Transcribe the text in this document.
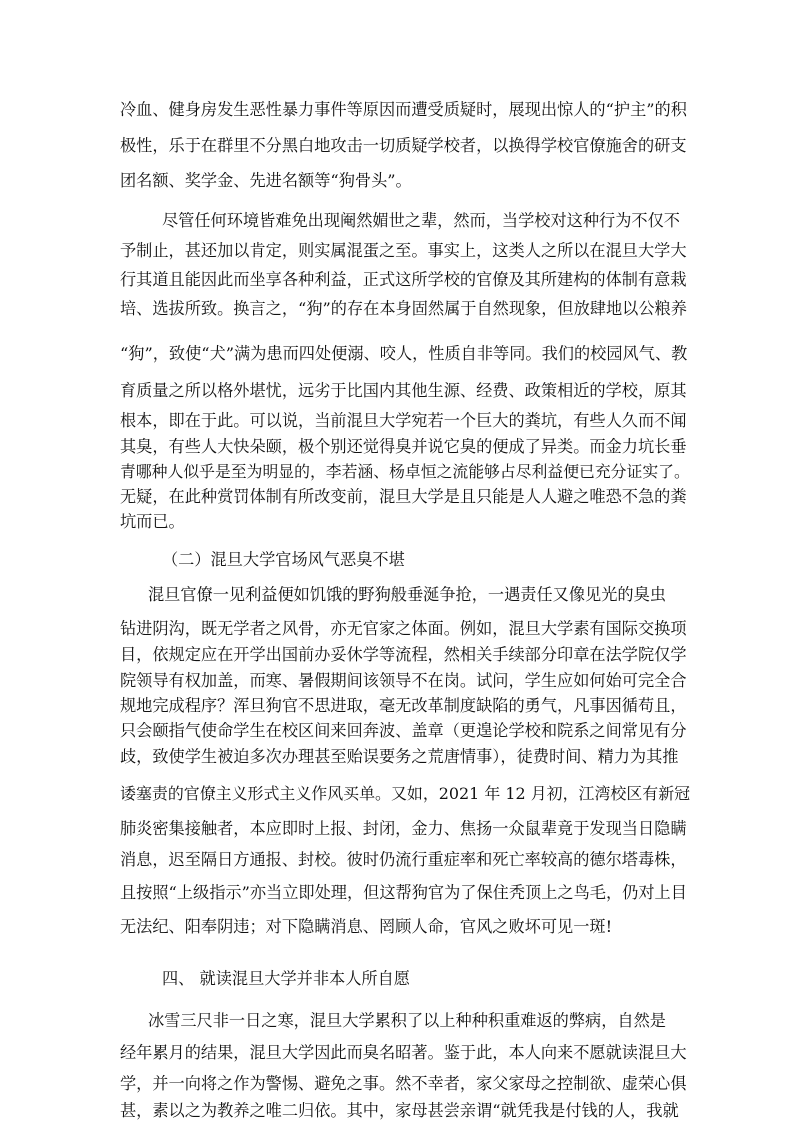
冷血、健身房发生恶性暴力事件等原因而遭受质疑时，展现出惊人的“护主”的积
极性，乐于在群里不分黑白地攻击一切质疑学校者，以换得学校官僚施舍的研支
团名额、奖学金、先进名额等“狗骨头”。
尽管任何环境皆难免出现阉然媚世之辈，然而，当学校对这种行为不仅不
予制止，甚还加以肯定，则实属混蛋之至。事实上，这类人之所以在混旦大学大
行其道且能因此而坐享各种利益，正式这所学校的官僚及其所建构的体制有意栽
培、选拔所致。换言之，“狗”的存在本身固然属于自然现象，但放肆地以公粮养
“狗”，致使“犬”满为患而四处便溺、咬人，性质自非等同。我们的校园风气、教
育质量之所以格外堪忧，远劣于比国内其他生源、经费、政策相近的学校，原其
根本，即在于此。可以说，当前混旦大学宛若一个巨大的粪坑，有些人久而不闻
其臭，有些人大快朵颐，极个别还觉得臭并说它臭的便成了异类。而金力坑长垂
青哪种人似乎是至为明显的，李若涵、杨卓恒之流能够占尽利益便已充分证实了。
无疑，在此种赏罚体制有所改变前，混旦大学是且只能是人人避之唯恐不急的粪
坑而已。
（二）混旦大学官场风气恶臭不堪
混旦官僚一见利益便如饥饿的野狗般垂涎争抢，一遇责任又像见光的臭虫
钻进阴沟，既无学者之风骨，亦无官家之体面。例如，混旦大学素有国际交换项
目，依规定应在开学出国前办妥休学等流程，然相关手续部分印章在法学院仅学
院领导有权加盖，而寒、暑假期间该领导不在岗。试问，学生应如何始可完全合
规地完成程序？浑旦狗官不思进取，毫无改革制度缺陷的勇气，凡事因循苟且，
只会颐指气使命学生在校区间来回奔波、盖章（更遑论学校和院系之间常见有分
歧，致使学生被迫多次办理甚至贻误要务之荒唐情事），徒费时间、精力为其推
诿塞责的官僚主义形式主义作风买单。又如，2021 年 12 月初，江湾校区有新冠
肺炎密集接触者，本应即时上报、封闭，金力、焦扬一众鼠辈竟于发现当日隐瞒
消息，迟至隔日方通报、封校。彼时仍流行重症率和死亡率较高的德尔塔毒株，
且按照“上级指示”亦当立即处理，但这帮狗官为了保住秃顶上之鸟毛，仍对上目
无法纪、阳奉阴违；对下隐瞒消息、罔顾人命，官风之败坏可见一斑!
四、 就读混旦大学并非本人所自愿
冰雪三尺非一日之寒，混旦大学累积了以上种种积重难返的弊病，自然是
经年累月的结果，混旦大学因此而臭名昭著。鉴于此，本人向来不愿就读混旦大
学，并一向将之作为警惕、避免之事。然不幸者，家父家母之控制欲、虚荣心俱
甚，素以之为教养之唯二归依。其中，家母甚尝亲谓“就凭我是付钱的人，我就
